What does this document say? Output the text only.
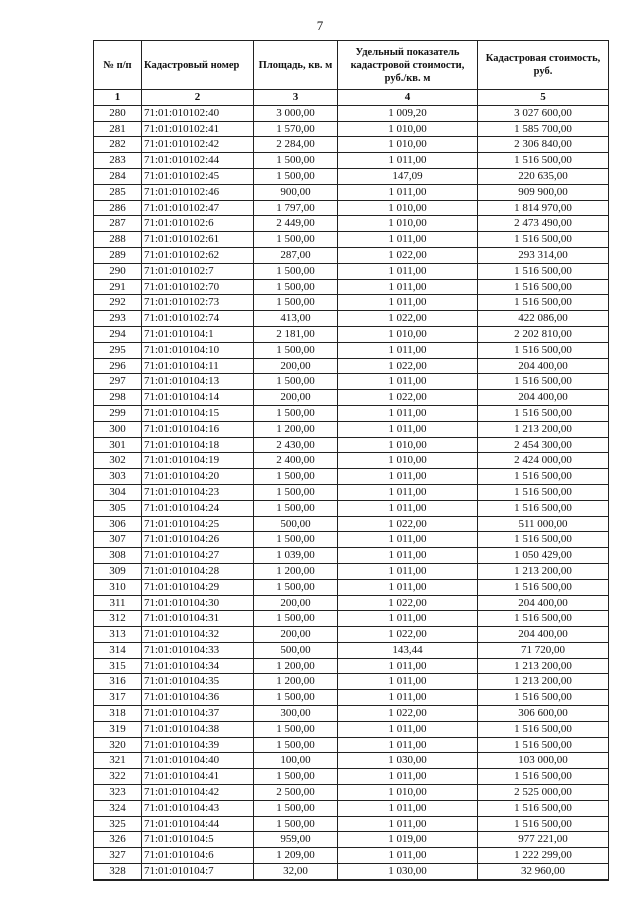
7
№ п/п	Кадастровый номер	Площадь, кв. м	Удельный показатель кадастровой стоимости, руб./кв. м	Кадастровая стоимость, руб.
1	2	3	4	5
280	71:01:010102:40	3 000,00	1 009,20	3 027 600,00
281	71:01:010102:41	1 570,00	1 010,00	1 585 700,00
282	71:01:010102:42	2 284,00	1 010,00	2 306 840,00
283	71:01:010102:44	1 500,00	1 011,00	1 516 500,00
284	71:01:010102:45	1 500,00	147,09	220 635,00
285	71:01:010102:46	900,00	1 011,00	909 900,00
286	71:01:010102:47	1 797,00	1 010,00	1 814 970,00
287	71:01:010102:6	2 449,00	1 010,00	2 473 490,00
288	71:01:010102:61	1 500,00	1 011,00	1 516 500,00
289	71:01:010102:62	287,00	1 022,00	293 314,00
290	71:01:010102:7	1 500,00	1 011,00	1 516 500,00
291	71:01:010102:70	1 500,00	1 011,00	1 516 500,00
292	71:01:010102:73	1 500,00	1 011,00	1 516 500,00
293	71:01:010102:74	413,00	1 022,00	422 086,00
294	71:01:010104:1	2 181,00	1 010,00	2 202 810,00
295	71:01:010104:10	1 500,00	1 011,00	1 516 500,00
296	71:01:010104:11	200,00	1 022,00	204 400,00
297	71:01:010104:13	1 500,00	1 011,00	1 516 500,00
298	71:01:010104:14	200,00	1 022,00	204 400,00
299	71:01:010104:15	1 500,00	1 011,00	1 516 500,00
300	71:01:010104:16	1 200,00	1 011,00	1 213 200,00
301	71:01:010104:18	2 430,00	1 010,00	2 454 300,00
302	71:01:010104:19	2 400,00	1 010,00	2 424 000,00
303	71:01:010104:20	1 500,00	1 011,00	1 516 500,00
304	71:01:010104:23	1 500,00	1 011,00	1 516 500,00
305	71:01:010104:24	1 500,00	1 011,00	1 516 500,00
306	71:01:010104:25	500,00	1 022,00	511 000,00
307	71:01:010104:26	1 500,00	1 011,00	1 516 500,00
308	71:01:010104:27	1 039,00	1 011,00	1 050 429,00
309	71:01:010104:28	1 200,00	1 011,00	1 213 200,00
310	71:01:010104:29	1 500,00	1 011,00	1 516 500,00
311	71:01:010104:30	200,00	1 022,00	204 400,00
312	71:01:010104:31	1 500,00	1 011,00	1 516 500,00
313	71:01:010104:32	200,00	1 022,00	204 400,00
314	71:01:010104:33	500,00	143,44	71 720,00
315	71:01:010104:34	1 200,00	1 011,00	1 213 200,00
316	71:01:010104:35	1 200,00	1 011,00	1 213 200,00
317	71:01:010104:36	1 500,00	1 011,00	1 516 500,00
318	71:01:010104:37	300,00	1 022,00	306 600,00
319	71:01:010104:38	1 500,00	1 011,00	1 516 500,00
320	71:01:010104:39	1 500,00	1 011,00	1 516 500,00
321	71:01:010104:40	100,00	1 030,00	103 000,00
322	71:01:010104:41	1 500,00	1 011,00	1 516 500,00
323	71:01:010104:42	2 500,00	1 010,00	2 525 000,00
324	71:01:010104:43	1 500,00	1 011,00	1 516 500,00
325	71:01:010104:44	1 500,00	1 011,00	1 516 500,00
326	71:01:010104:5	959,00	1 019,00	977 221,00
327	71:01:010104:6	1 209,00	1 011,00	1 222 299,00
328	71:01:010104:7	32,00	1 030,00	32 960,00
